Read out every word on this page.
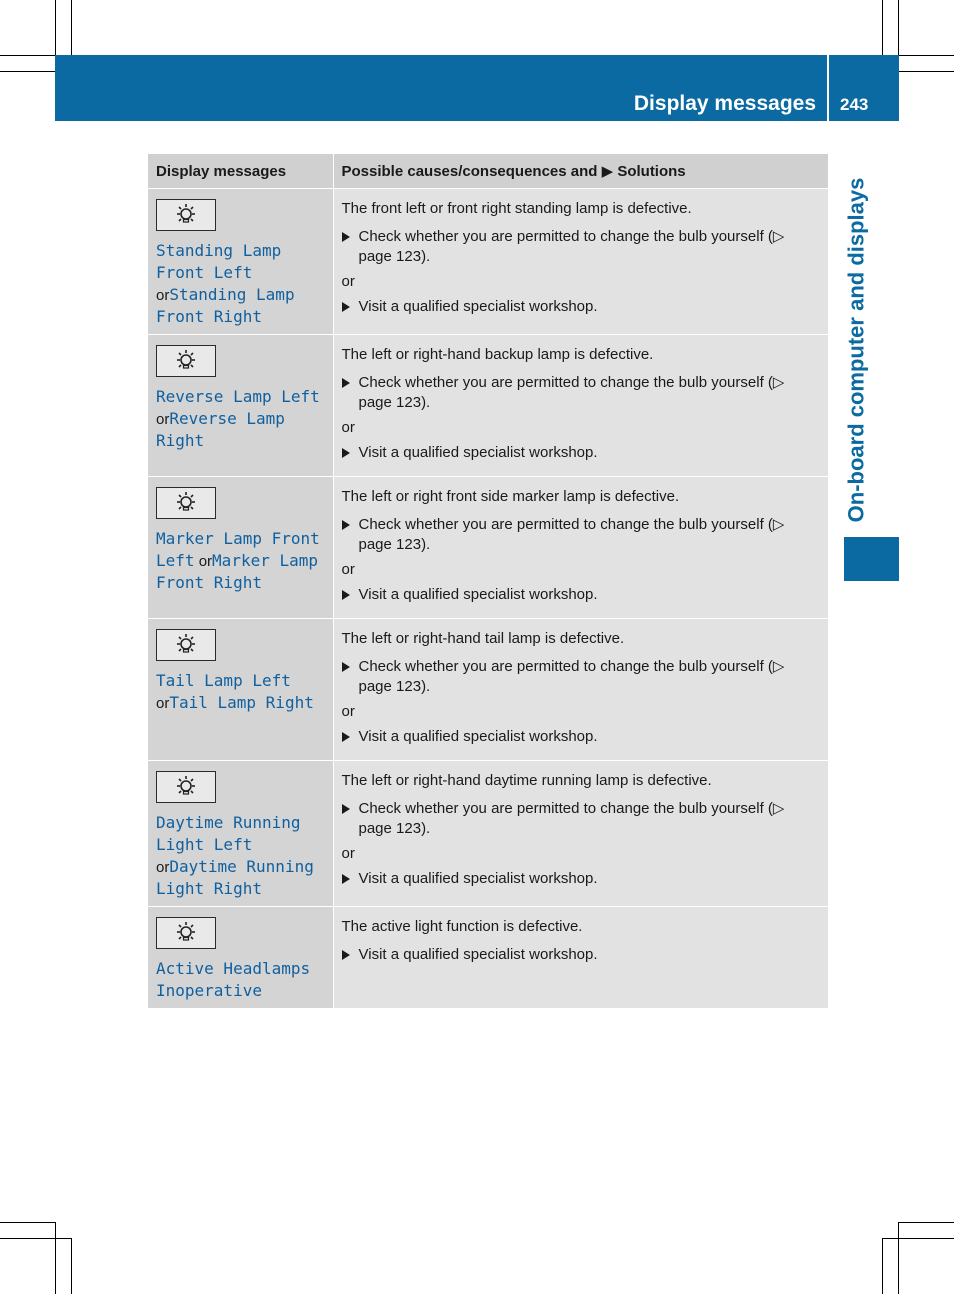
Display messages 243
On-board computer and displays
Display messages	Possible causes/consequences and ▶ Solutions

Standing Lamp Front Left orStanding Lamp Front Right	The front left or front right standing lamp is defective.
Check whether you are permitted to change the bulb yourself (▷ page 123).
or
Visit a qualified specialist workshop.

Reverse Lamp Left orReverse Lamp Right	The left or right-hand backup lamp is defective.
Check whether you are permitted to change the bulb yourself (▷ page 123).
or
Visit a qualified specialist workshop.

Marker Lamp Front Left orMarker Lamp Front Right	The left or right front side marker lamp is defective.
Check whether you are permitted to change the bulb yourself (▷ page 123).
or
Visit a qualified specialist workshop.

Tail Lamp Left orTail Lamp Right	The left or right-hand tail lamp is defective.
Check whether you are permitted to change the bulb yourself (▷ page 123).
or
Visit a qualified specialist workshop.

Daytime Running Light Left orDaytime Running Light Right	The left or right-hand daytime running lamp is defective.
Check whether you are permitted to change the bulb yourself (▷ page 123).
or
Visit a qualified specialist workshop.

Active Headlamps Inoperative	The active light function is defective.
Visit a qualified specialist workshop.
